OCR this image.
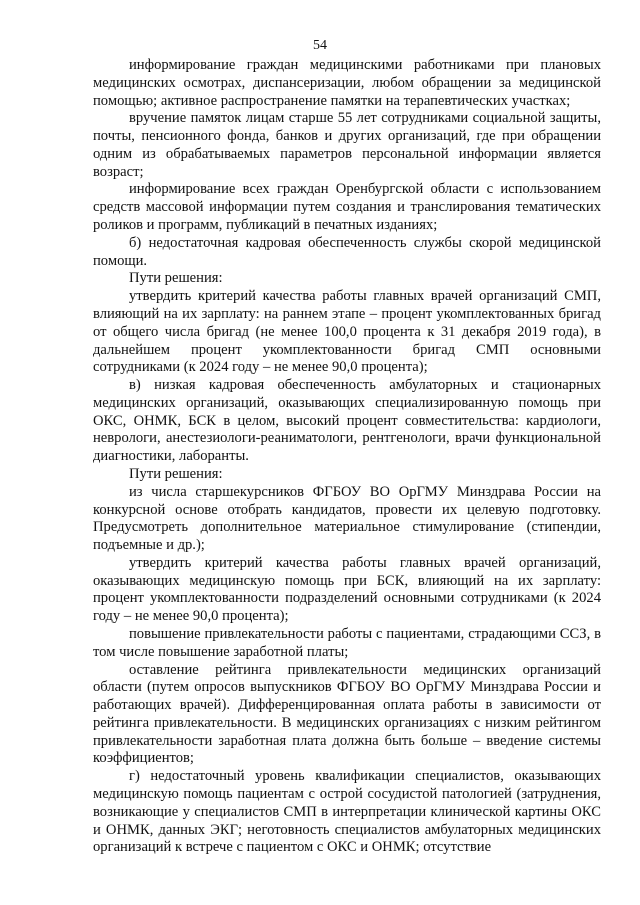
54

информирование граждан медицинскими работниками при плановых медицинских осмотрах, диспансеризации, любом обращении за медицинской помощью; активное распространение памятки на терапевтических участках;

вручение памяток лицам старше 55 лет сотрудниками социальной защиты, почты, пенсионного фонда, банков и других организаций, где при обращении одним из обрабатываемых параметров персональной информации является возраст;

информирование всех граждан Оренбургской области с использованием средств массовой информации путем создания и транслирования тематических роликов и программ, публикаций в печатных изданиях;

б) недостаточная кадровая обеспеченность службы скорой медицинской помощи.

Пути решения:

утвердить критерий качества работы главных врачей организаций СМП, влияющий на их зарплату: на раннем этапе – процент укомплектованных бригад от общего числа бригад (не менее 100,0 процента к 31 декабря 2019 года), в дальнейшем процент укомплектованности бригад СМП основными сотрудниками (к 2024 году – не менее 90,0 процента);

в) низкая кадровая обеспеченность амбулаторных и стационарных медицинских организаций, оказывающих специализированную помощь при ОКС, ОНМК, БСК в целом, высокий процент совместительства: кардиологи, неврологи, анестезиологи-реаниматологи, рентгенологи, врачи функциональной диагностики, лаборанты.

Пути решения:

из числа старшекурсников ФГБОУ ВО ОрГМУ Минздрава России на конкурсной основе отобрать кандидатов, провести их целевую подготовку. Предусмотреть дополнительное материальное стимулирование (стипендии, подъемные и др.);

утвердить критерий качества работы главных врачей организаций, оказывающих медицинскую помощь при БСК, влияющий на их зарплату: процент укомплектованности подразделений основными сотрудниками (к 2024 году – не менее 90,0 процента);

повышение привлекательности работы с пациентами, страдающими ССЗ, в том числе повышение заработной платы;

оставление рейтинга привлекательности медицинских организаций области (путем опросов выпускников ФГБОУ ВО ОрГМУ Минздрава России и работающих врачей). Дифференцированная оплата работы в зависимости от рейтинга привлекательности. В медицинских организациях с низким рейтингом привлекательности заработная плата должна быть больше – введение системы коэффициентов;

г) недостаточный уровень квалификации специалистов, оказывающих медицинскую помощь пациентам с острой сосудистой патологией (затруднения, возникающие у специалистов СМП в интерпретации клинической картины ОКС и ОНМК, данных ЭКГ; неготовность специалистов амбулаторных медицинских организаций к встрече с пациентом с ОКС и ОНМК; отсутствие
